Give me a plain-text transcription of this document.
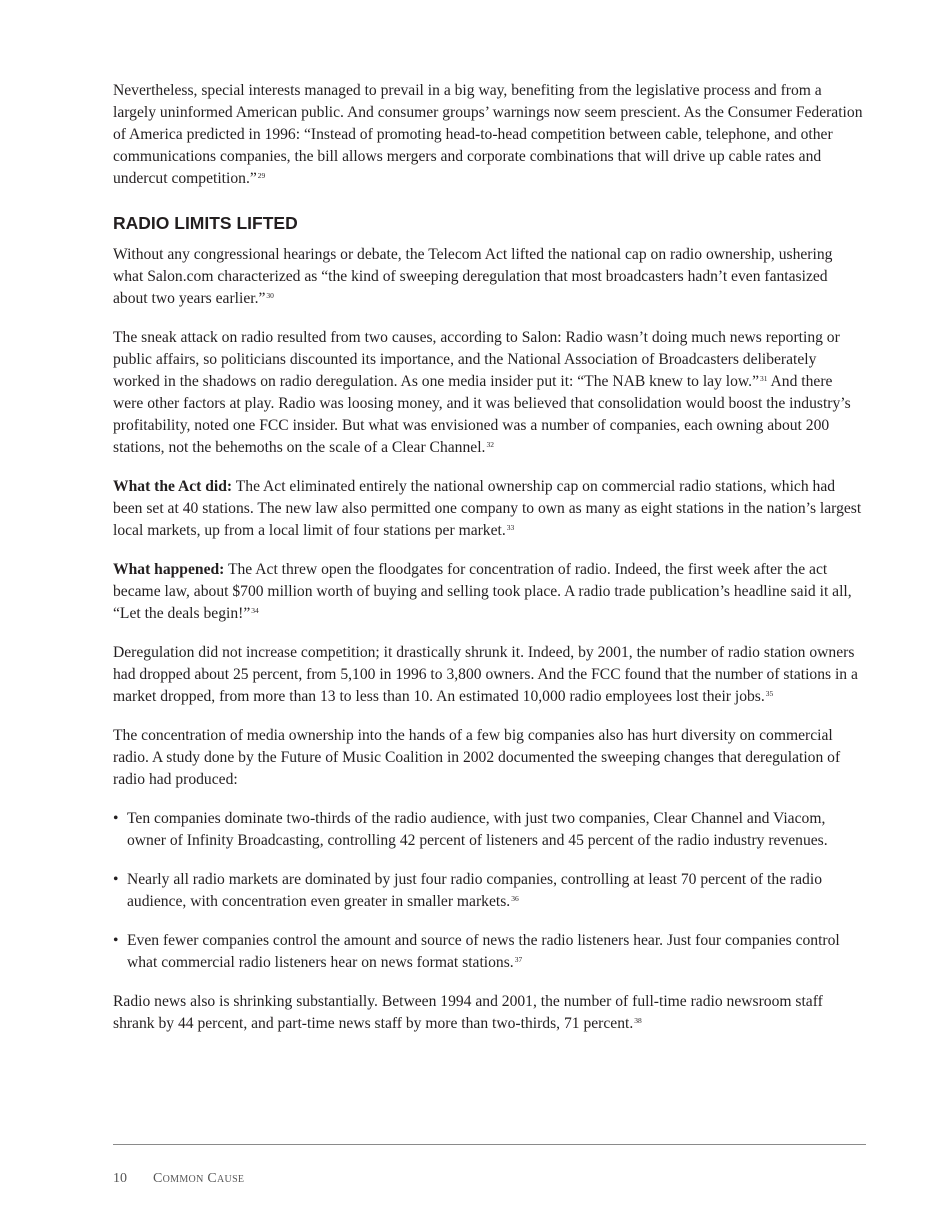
Nevertheless, special interests managed to prevail in a big way, benefiting from the legislative process and from a largely uninformed American public. And consumer groups’ warnings now seem prescient. As the Consumer Federation of America predicted in 1996: “Instead of promoting head-to-head competition between cable, telephone, and other communications companies, the bill allows mergers and corporate combinations that will drive up cable rates and undercut competition.”$^{29}$

RADIO LIMITS LIFTED

Without any congressional hearings or debate, the Telecom Act lifted the national cap on radio ownership, ushering what Salon.com characterized as “the kind of sweeping deregulation that most broadcasters hadn’t even fantasized about two years earlier.”$^{30}$

The sneak attack on radio resulted from two causes, according to Salon: Radio wasn’t doing much news reporting or public affairs, so politicians discounted its importance, and the National Association of Broadcasters deliberately worked in the shadows on radio deregulation. As one media insider put it: “The NAB knew to lay low.”$^{31}$ And there were other factors at play. Radio was loosing money, and it was believed that consolidation would boost the industry’s profitability, noted one FCC insider. But what was envisioned was a number of companies, each owning about 200 stations, not the behemoths on the scale of a Clear Channel.$^{32}$

What the Act did: The Act eliminated entirely the national ownership cap on commercial radio stations, which had been set at 40 stations. The new law also permitted one company to own as many as eight stations in the nation’s largest local markets, up from a local limit of four stations per market.$^{33}$

What happened: The Act threw open the floodgates for concentration of radio. Indeed, the first week after the act became law, about $700 million worth of buying and selling took place. A radio trade publication’s headline said it all, “Let the deals begin!”$^{34}$

Deregulation did not increase competition; it drastically shrunk it. Indeed, by 2001, the number of radio station owners had dropped about 25 percent, from 5,100 in 1996 to 3,800 owners. And the FCC found that the number of stations in a market dropped, from more than 13 to less than 10. An estimated 10,000 radio employees lost their jobs.$^{35}$

The concentration of media ownership into the hands of a few big companies also has hurt diversity on commercial radio. A study done by the Future of Music Coalition in 2002 documented the sweeping changes that deregulation of radio had produced:

• Ten companies dominate two-thirds of the radio audience, with just two companies, Clear Channel and Viacom, owner of Infinity Broadcasting, controlling 42 percent of listeners and 45 percent of the radio industry revenues.
• Nearly all radio markets are dominated by just four radio companies, controlling at least 70 percent of the radio audience, with concentration even greater in smaller markets.$^{36}$
• Even fewer companies control the amount and source of news the radio listeners hear. Just four companies control what commercial radio listeners hear on news format stations.$^{37}$

Radio news also is shrinking substantially. Between 1994 and 2001, the number of full-time radio newsroom staff shrank by 44 percent, and part-time news staff by more than two-thirds, 71 percent.$^{38}$

10 Common Cause
